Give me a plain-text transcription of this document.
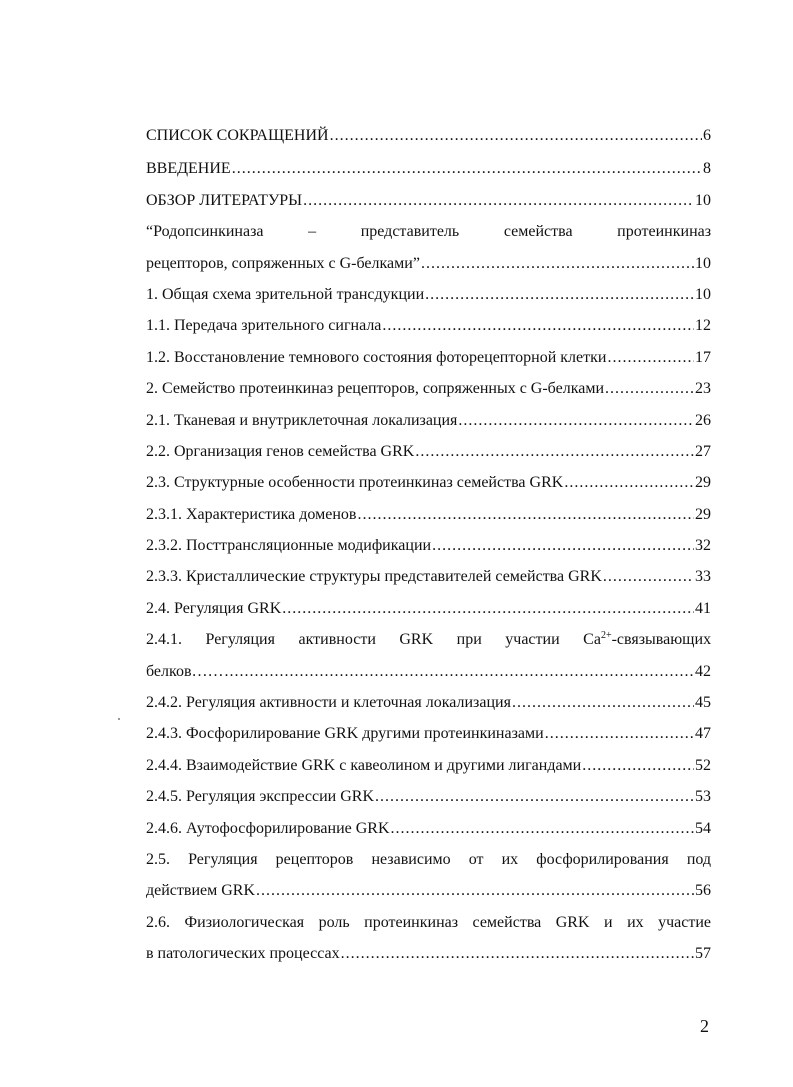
СПИСОК СОКРАЩЕНИЙ .....	6
ВВЕДЕНИЕ .....	8
ОБЗОР ЛИТЕРАТУРЫ .....	10
“Родопсинкиназа	–	представитель	семейства	протеинкиназ
рецепторов, сопряженных с G-белками” .....	10
1. Общая схема зрительной трансдукции .....	10
1.1. Передача зрительного сигнала .....	12
1.2. Восстановление темнового состояния фоторецепторной клетки .....	17
2. Семейство протеинкиназ рецепторов, сопряженных с G-белками .....	23
2.1. Тканевая и внутриклеточная локализация .....	26
2.2. Организация генов семейства GRK .....	27
2.3. Структурные особенности протеинкиназ семейства GRK .....	29
2.3.1. Характеристика доменов .....	29
2.3.2. Посттрансляционные модификации .....	32
2.3.3. Кристаллические структуры представителей семейства GRK .....	33
2.4. Регуляция GRK .....	41
2.4.1. Регуляция активности GRK при участии $Ca^{2+}$-связывающих
белков…… .....	42
2.4.2. Регуляция активности и клеточная локализация .....	45
2.4.3. Фосфорилирование GRK другими протеинкиназами .....	47
2.4.4. Взаимодействие GRK с кавеолином и другими лигандами .....	52
2.4.5. Регуляция экспрессии GRK .....	53
2.4.6. Аутофосфорилирование GRK .....	54
2.5. Регуляция рецепторов независимо от их фосфорилирования под
действием GRK .....	56
2.6. Физиологическая роль протеинкиназ семейства GRK и их участие
в патологических процессах .....	57
2
